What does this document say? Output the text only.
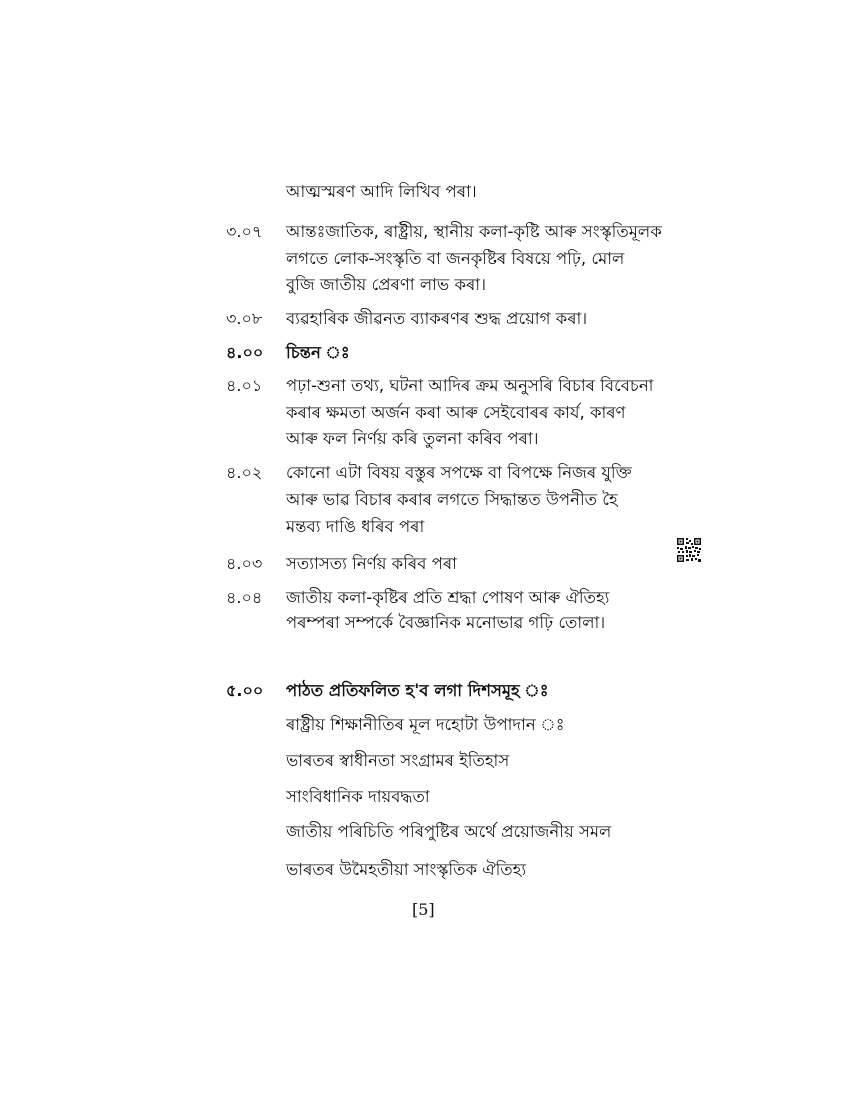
আত্মস্মৰণ আদি লিখিব পৰা।
৩.০৭ আন্তঃজাতিক, ৰাষ্ট্ৰীয়, স্থানীয় কলা-কৃষ্টি আৰু সংস্কৃতিমূলক
লগতে লোক-সংস্কৃতি বা জনকৃষ্টিৰ বিষয়ে পঢ়ি, মোল
বুজি জাতীয় প্ৰেৰণা লাভ কৰা।
৩.০৮ ব্যৱহাৰিক জীৱনত ব্যাকৰণৰ শুদ্ধ প্ৰয়োগ কৰা।
৪.০০ চিন্তন ঃ
৪.০১ পঢ়া-শুনা তথ্য, ঘটনা আদিৰ ক্ৰম অনুসৰি বিচাৰ বিবেচনা
কৰাৰ ক্ষমতা অৰ্জন কৰা আৰু সেইবোৰৰ কাৰ্য, কাৰণ
আৰু ফল নিৰ্ণয় কৰি তুলনা কৰিব পৰা।
৪.০২ কোনো এটা বিষয় বস্তুৰ সপক্ষে বা বিপক্ষে নিজৰ যুক্তি
আৰু ভাৱ বিচাৰ কৰাৰ লগতে সিদ্ধান্তত উপনীত হৈ
মন্তব্য দাঙি ধৰিব পৰা
৪.০৩ সত্যাসত্য নিৰ্ণয় কৰিব পৰা
৪.০৪ জাতীয় কলা-কৃষ্টিৰ প্ৰতি শ্ৰদ্ধা পোষণ আৰু ঐতিহ্য
পৰম্পৰা সম্পৰ্কে বৈজ্ঞানিক মনোভাৱ গঢ়ি তোলা।
৫.০০ পাঠত প্ৰতিফলিত হ'ব লগা দিশসমূহ ঃ
ৰাষ্ট্ৰীয় শিক্ষানীতিৰ মূল দহোটা উপাদান ঃ
ভাৰতৰ স্বাধীনতা সংগ্ৰামৰ ইতিহাস
সাংবিধানিক দায়বদ্ধতা
জাতীয় পৰিচিতি পৰিপুষ্টিৰ অৰ্থে প্ৰয়োজনীয় সমল
ভাৰতৰ উমৈহতীয়া সাংস্কৃতিক ঐতিহ্য
[5]
